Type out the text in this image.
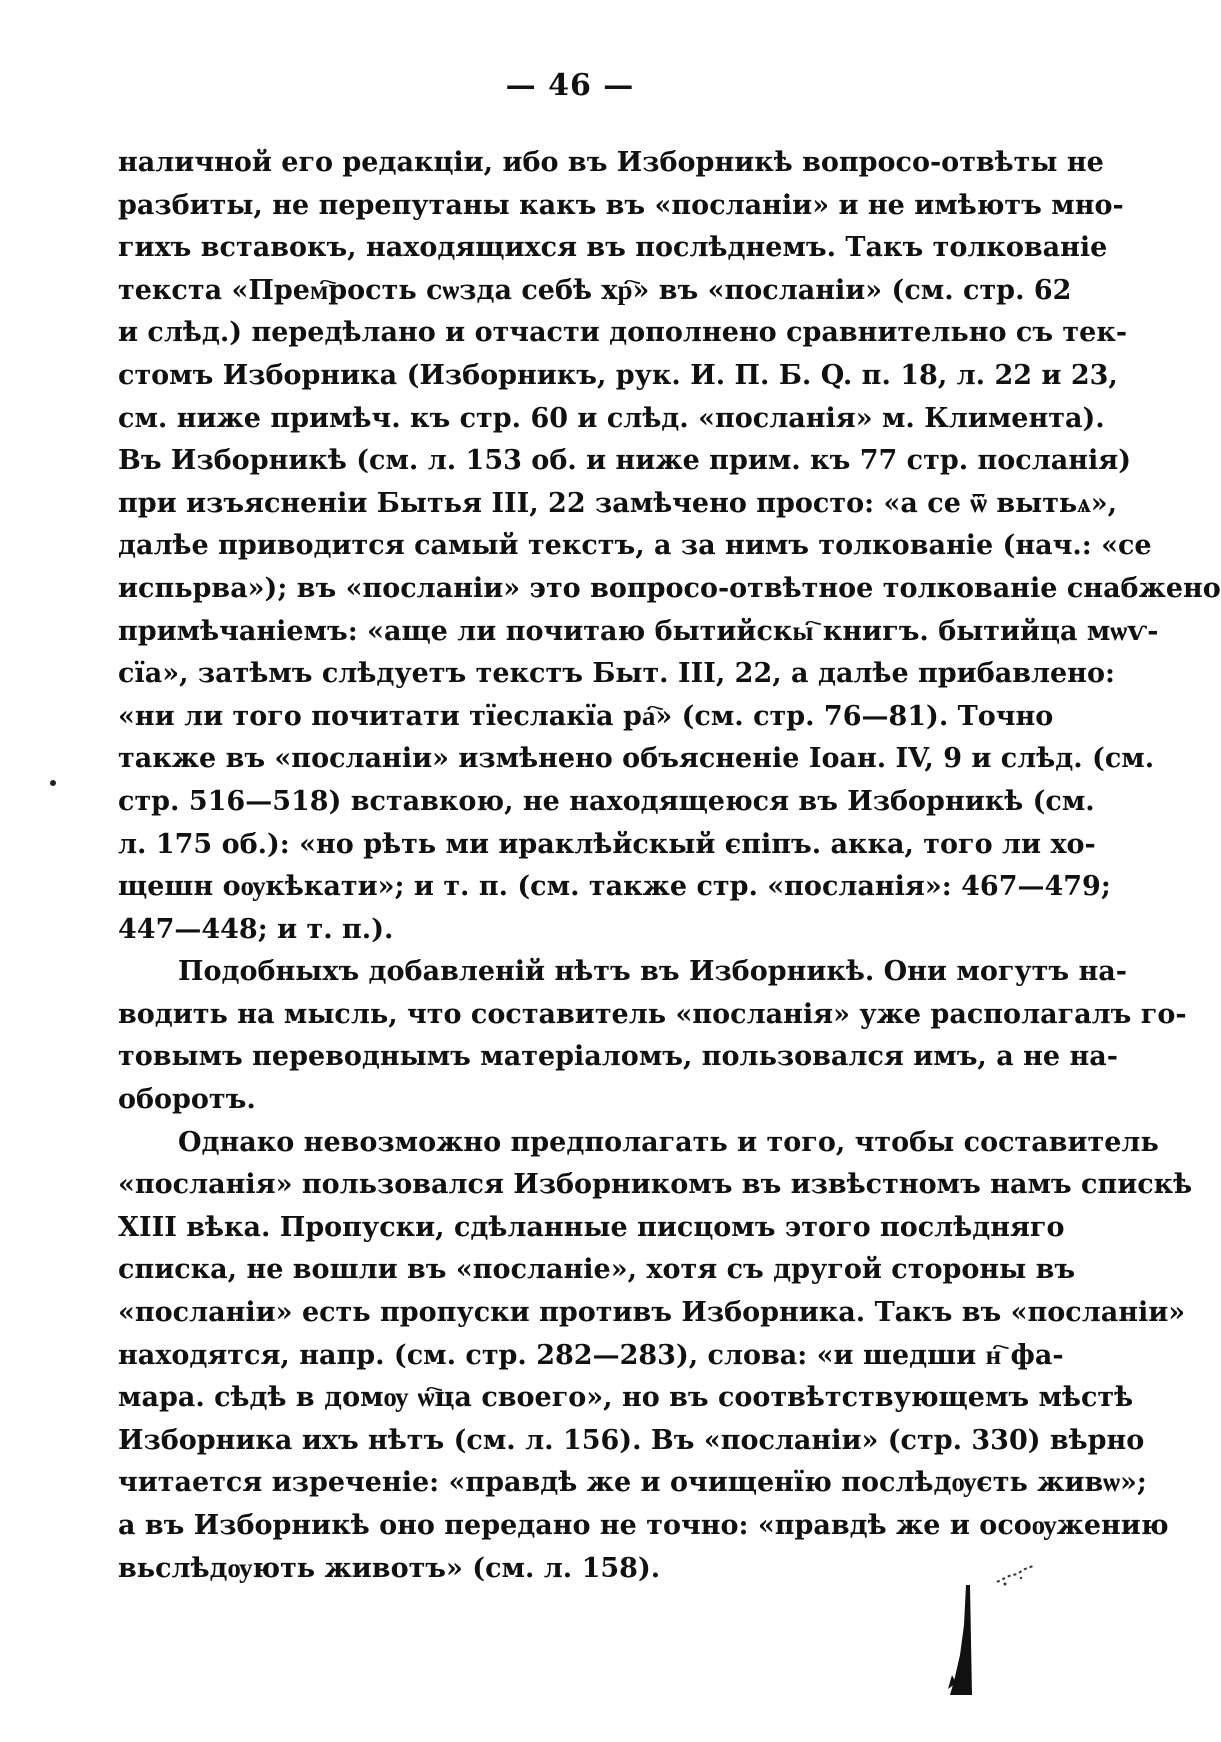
— 46 —

наличной его редакціи, ибо въ Изборникѣ вопросо-отвѣты не
разбиты, не перепутаны какъ въ «посланіи» и не имѣютъ мно-
гихъ вставокъ, находящихся въ послѣднемъ. Такъ толкованіе
текста «Прем҇рость сѡзда себѣ хр҇» въ «посланіи» (см. стр. 62
и слѣд.) передѣлано и отчасти дополнено сравнительно съ тек-
стомъ Изборника (Изборникъ, рук. И. П. Б. Q. п. 18, л. 22 и 23,
см. ниже примѣч. къ стр. 60 и слѣд. «посланія» м. Климента).
Въ Изборникѣ (см. л. 153 об. и ниже прим. къ 77 стр. посланія)
при изъясненіи Бытья III, 22 замѣчено просто: «а се ѿ вытьѧ»,
далѣе приводится самый текстъ, а за нимъ толкованіе (нач.: «се
испьрва»); въ «посланіи» это вопросо-отвѣтное толкованіе снабжено
примѣчаніемъ: «аще ли почитаю бытийскы҇ книгъ. бытийца мѡѵ-
сїа», затѣмъ слѣдуетъ текстъ Быт. III, 22, а далѣе прибавлено:
«ни ли того почитати тїеслакїа ра҇» (см. стр. 76—81). Точно
также въ «посланіи» измѣнено объясненіе Іоан. IV, 9 и слѣд. (см.
стр. 516—518) вставкою, не находящеюся въ Изборникѣ (см.
л. 175 об.): «но рѣть ми ираклѣйскый єпіпъ. акка, того ли хо-
щешн оѹкѣкати»; и т. п. (см. также стр. «посланія»: 467—479;
447—448; и т. п.).

Подобныхъ добавленій нѣтъ въ Изборникѣ. Они могутъ на-
водить на мысль, что составитель «посланія» уже располагалъ го-
товымъ переводнымъ матеріаломъ, пользовался имъ, а не на-
оборотъ.

Однако невозможно предполагать и того, чтобы составитель
«посланія» пользовался Изборникомъ въ извѣстномъ намъ спискѣ
XIII вѣка. Пропуски, сдѣланные писцомъ этого послѣдняго
списка, не вошли въ «посланіе», хотя съ другой стороны въ
«посланіи» есть пропуски противъ Изборника. Такъ въ «посланіи»
находятся, напр. (см. стр. 282—283), слова: «и шедши н҇ фа-
мара. сѣдѣ в домѹ ѡ҇ца своего», но въ соотвѣтствующемъ мѣстѣ
Изборника ихъ нѣтъ (см. л. 156). Въ «посланіи» (стр. 330) вѣрно
читается изреченіе: «правдѣ же и очищенїю послѣдѹєть живѡ»;
а въ Изборникѣ оно передано не точно: «правдѣ же и осоѹжению
вьслѣдѹють животъ» (см. л. 158).
